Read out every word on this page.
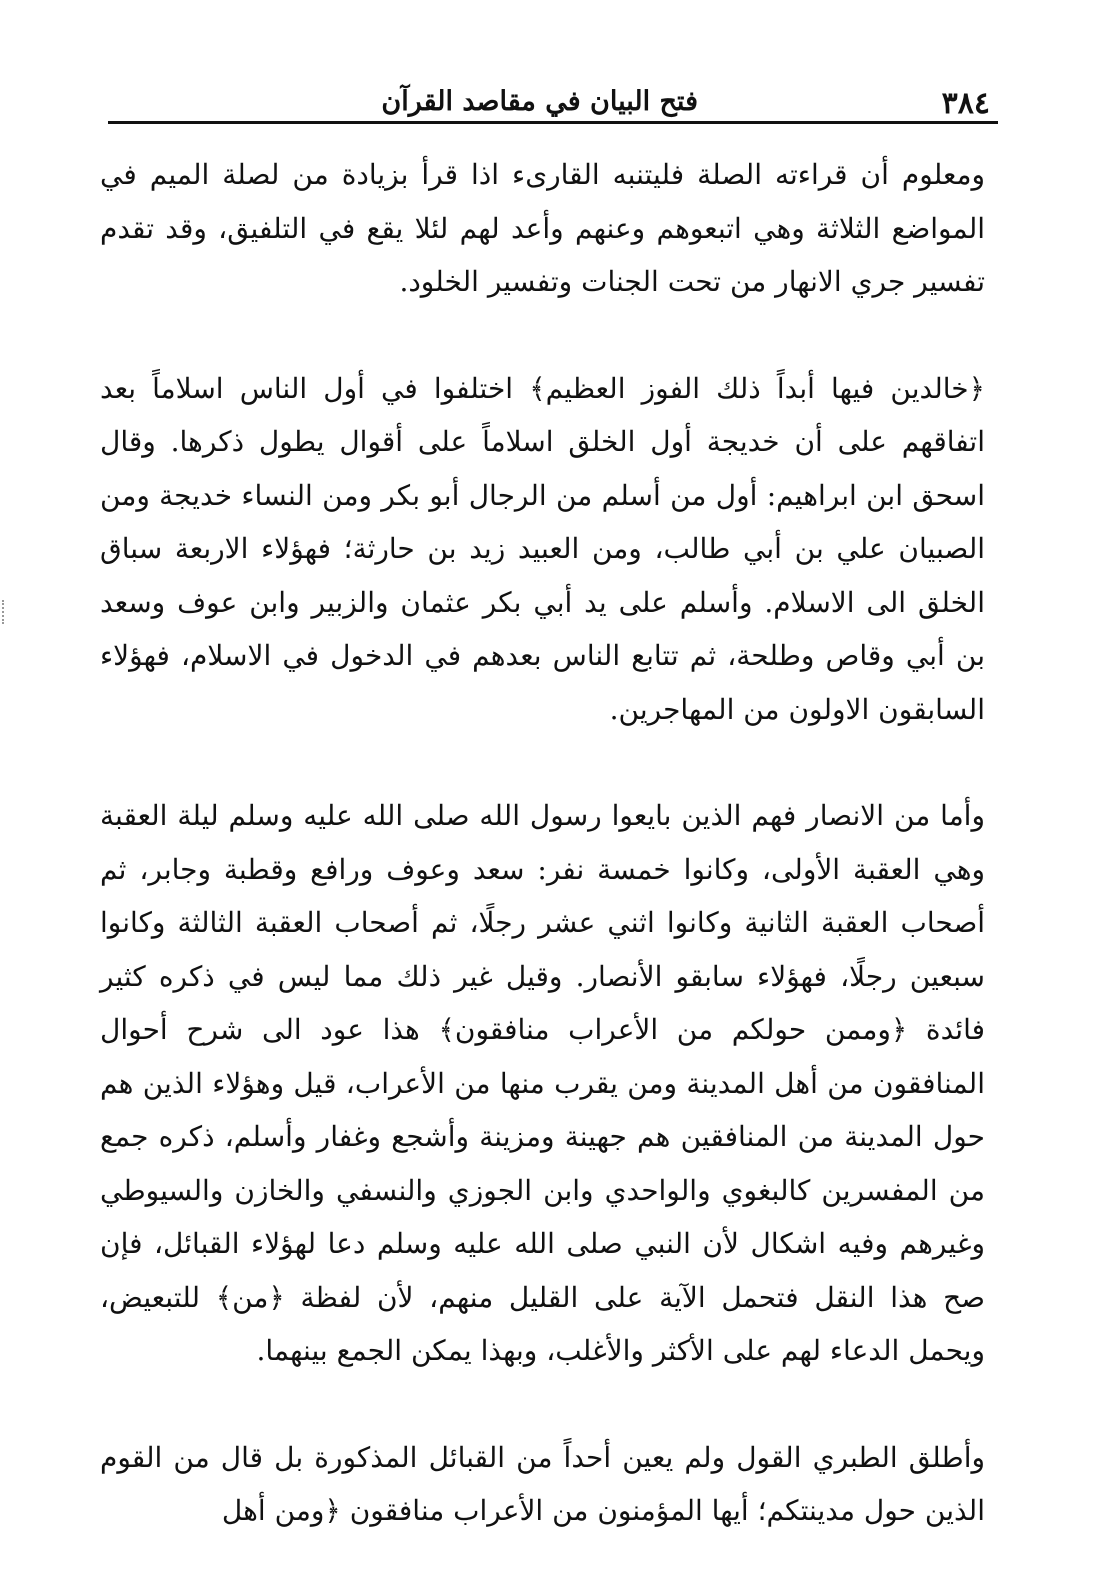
٣٨٤
فتح البيان في مقاصد القرآن

ومعلوم أن قراءته الصلة فليتنبه القارىء اذا قرأ بزيادة من لصلة الميم في المواضع الثلاثة وهي اتبعوهم وعنهم وأعد لهم لئلا يقع في التلفيق، وقد تقدم تفسير جري الانهار من تحت الجنات وتفسير الخلود.

﴿خالدين فيها أبداً ذلك الفوز العظيم﴾ اختلفوا في أول الناس اسلاماً بعد اتفاقهم على أن خديجة أول الخلق اسلاماً على أقوال يطول ذكرها. وقال اسحق ابن ابراهيم: أول من أسلم من الرجال أبو بكر ومن النساء خديجة ومن الصبيان علي بن أبي طالب، ومن العبيد زيد بن حارثة؛ فهؤلاء الاربعة سباق الخلق الى الاسلام. وأسلم على يد أبي بكر عثمان والزبير وابن عوف وسعد بن أبي وقاص وطلحة، ثم تتابع الناس بعدهم في الدخول في الاسلام، فهؤلاء السابقون الاولون من المهاجرين.

وأما من الانصار فهم الذين بايعوا رسول الله صلى الله عليه وسلم ليلة العقبة وهي العقبة الأولى، وكانوا خمسة نفر: سعد وعوف ورافع وقطبة وجابر، ثم أصحاب العقبة الثانية وكانوا اثني عشر رجلًا، ثم أصحاب العقبة الثالثة وكانوا سبعين رجلًا، فهؤلاء سابقو الأنصار. وقيل غير ذلك مما ليس في ذكره كثير فائدة ﴿وممن حولكم من الأعراب منافقون﴾ هذا عود الى شرح أحوال المنافقون من أهل المدينة ومن يقرب منها من الأعراب، قيل وهؤلاء الذين هم حول المدينة من المنافقين هم جهينة ومزينة وأشجع وغفار وأسلم، ذكره جمع من المفسرين كالبغوي والواحدي وابن الجوزي والنسفي والخازن والسيوطي وغيرهم وفيه اشكال لأن النبي صلى الله عليه وسلم دعا لهؤلاء القبائل، فإن صح هذا النقل فتحمل الآية على القليل منهم، لأن لفظة ﴿من﴾ للتبعيض، ويحمل الدعاء لهم على الأكثر والأغلب، وبهذا يمكن الجمع بينهما.

وأطلق الطبري القول ولم يعين أحداً من القبائل المذكورة بل قال من القوم الذين حول مدينتكم؛ أيها المؤمنون من الأعراب منافقون ﴿ومن أهل
